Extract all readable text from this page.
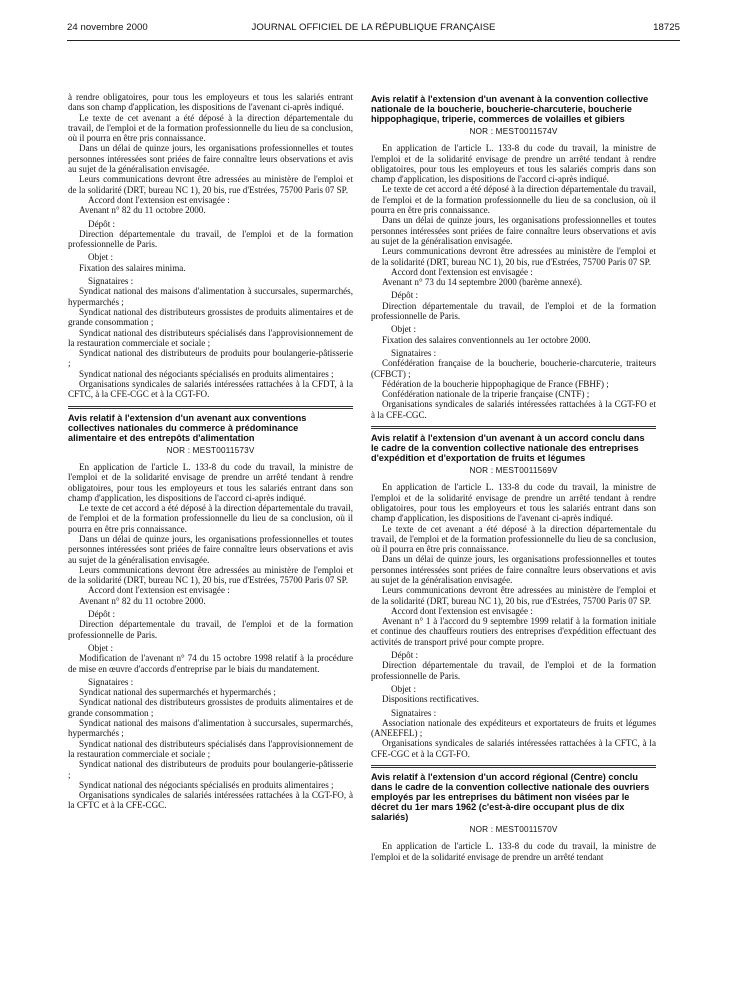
24 novembre 2000	JOURNAL OFFICIEL DE LA RÉPUBLIQUE FRANÇAISE	18725

à rendre obligatoires, pour tous les employeurs et tous les salariés entrant dans son champ d'application, les dispositions de l'avenant ci-après indiqué.

Le texte de cet avenant a été déposé à la direction départementale du travail, de l'emploi et de la formation professionnelle du lieu de sa conclusion, où il pourra en être pris connaissance.

Dans un délai de quinze jours, les organisations professionnelles et toutes personnes intéressées sont priées de faire connaître leurs observations et avis au sujet de la généralisation envisagée.

Leurs communications devront être adressées au ministère de l'emploi et de la solidarité (DRT, bureau NC 1), 20 bis, rue d'Estrées, 75700 Paris 07 SP.

Accord dont l'extension est envisagée :

Avenant n° 82 du 11 octobre 2000.

Dépôt :

Direction départementale du travail, de l'emploi et de la formation professionnelle de Paris.

Objet :

Fixation des salaires minima.

Signataires :

Syndicat national des maisons d'alimentation à succursales, supermarchés, hypermarchés ;

Syndicat national des distributeurs grossistes de produits alimentaires et de grande consommation ;

Syndicat national des distributeurs spécialisés dans l'approvisionnement de la restauration commerciale et sociale ;

Syndicat national des distributeurs de produits pour boulangerie-pâtisserie ;

Syndicat national des négociants spécialisés en produits alimentaires ;

Organisations syndicales de salariés intéressées rattachées à la CFDT, à la CFTC, à la CFE-CGC et à la CGT-FO.

Avis relatif à l'extension d'un avenant aux conventions collectives nationales du commerce à prédominance alimentaire et des entrepôts d'alimentation
NOR : MEST0011573V

En application de l'article L. 133-8 du code du travail, la ministre de l'emploi et de la solidarité envisage de prendre un arrêté tendant à rendre obligatoires, pour tous les employeurs et tous les salariés entrant dans son champ d'application, les dispositions de l'accord ci-après indiqué.

Le texte de cet accord a été déposé à la direction départementale du travail, de l'emploi et de la formation professionnelle du lieu de sa conclusion, où il pourra en être pris connaissance.

Dans un délai de quinze jours, les organisations professionnelles et toutes personnes intéressées sont priées de faire connaître leurs observations et avis au sujet de la généralisation envisagée.

Leurs communications devront être adressées au ministère de l'emploi et de la solidarité (DRT, bureau NC 1), 20 bis, rue d'Estrées, 75700 Paris 07 SP.

Accord dont l'extension est envisagée :

Avenant n° 82 du 11 octobre 2000.

Dépôt :

Direction départementale du travail, de l'emploi et de la formation professionnelle de Paris.

Objet :

Modification de l'avenant n° 74 du 15 octobre 1998 relatif à la procédure de mise en œuvre d'accords d'entreprise par le biais du mandatement.

Signataires :

Syndicat national des supermarchés et hypermarchés ;

Syndicat national des distributeurs grossistes de produits alimentaires et de grande consommation ;

Syndicat national des maisons d'alimentation à succursales, supermarchés, hypermarchés ;

Syndicat national des distributeurs spécialisés dans l'approvisionnement de la restauration commerciale et sociale ;

Syndicat national des distributeurs de produits pour boulangerie-pâtisserie ;

Syndicat national des négociants spécialisés en produits alimentaires ;

Organisations syndicales de salariés intéressées rattachées à la CGT-FO, à la CFTC et à la CFE-CGC.

Avis relatif à l'extension d'un avenant à la convention collective nationale de la boucherie, boucherie-charcuterie, boucherie hippophagique, triperie, commerces de volailles et gibiers
NOR : MEST0011574V

En application de l'article L. 133-8 du code du travail, la ministre de l'emploi et de la solidarité envisage de prendre un arrêté tendant à rendre obligatoires, pour tous les employeurs et tous les salariés compris dans son champ d'application, les dispositions de l'accord ci-après indiqué.

Le texte de cet accord a été déposé à la direction départementale du travail, de l'emploi et de la formation professionnelle du lieu de sa conclusion, où il pourra en être pris connaissance.

Dans un délai de quinze jours, les organisations professionnelles et toutes personnes intéressées sont priées de faire connaître leurs observations et avis au sujet de la généralisation envisagée.

Leurs communications devront être adressées au ministère de l'emploi et de la solidarité (DRT, bureau NC 1), 20 bis, rue d'Estrées, 75700 Paris 07 SP.

Accord dont l'extension est envisagée :

Avenant n° 73 du 14 septembre 2000 (barème annexé).

Dépôt :

Direction départementale du travail, de l'emploi et de la formation professionnelle de Paris.

Objet :

Fixation des salaires conventionnels au 1er octobre 2000.

Signataires :

Confédération française de la boucherie, boucherie-charcuterie, traiteurs (CFBCT) ;

Fédération de la boucherie hippophagique de France (FBHF) ;

Confédération nationale de la triperie française (CNTF) ;

Organisations syndicales de salariés intéressées rattachées à la CGT-FO et à la CFE-CGC.

Avis relatif à l'extension d'un avenant à un accord conclu dans le cadre de la convention collective nationale des entreprises d'expédition et d'exportation de fruits et légumes
NOR : MEST0011569V

En application de l'article L. 133-8 du code du travail, la ministre de l'emploi et de la solidarité envisage de prendre un arrêté tendant à rendre obligatoires, pour tous les employeurs et tous les salariés entrant dans son champ d'application, les dispositions de l'avenant ci-après indiqué.

Le texte de cet avenant a été déposé à la direction départementale du travail, de l'emploi et de la formation professionnelle du lieu de sa conclusion, où il pourra en être pris connaissance.

Dans un délai de quinze jours, les organisations professionnelles et toutes personnes intéressées sont priées de faire connaître leurs observations et avis au sujet de la généralisation envisagée.

Leurs communications devront être adressées au ministère de l'emploi et de la solidarité (DRT, bureau NC 1), 20 bis, rue d'Estrées, 75700 Paris 07 SP.

Accord dont l'extension est envisagée :

Avenant n° 1 à l'accord du 9 septembre 1999 relatif à la formation initiale et continue des chauffeurs routiers des entreprises d'expédition effectuant des activités de transport privé pour compte propre.

Dépôt :

Direction départementale du travail, de l'emploi et de la formation professionnelle de Paris.

Objet :

Dispositions rectificatives.

Signataires :

Association nationale des expéditeurs et exportateurs de fruits et légumes (ANEEFEL) ;

Organisations syndicales de salariés intéressées rattachées à la CFTC, à la CFE-CGC et à la CGT-FO.

Avis relatif à l'extension d'un accord régional (Centre) conclu dans le cadre de la convention collective nationale des ouvriers employés par les entreprises du bâtiment non visées par le décret du 1er mars 1962 (c'est-à-dire occupant plus de dix salariés)
NOR : MEST0011570V

En application de l'article L. 133-8 du code du travail, la ministre de l'emploi et de la solidarité envisage de prendre un arrêté tendant
